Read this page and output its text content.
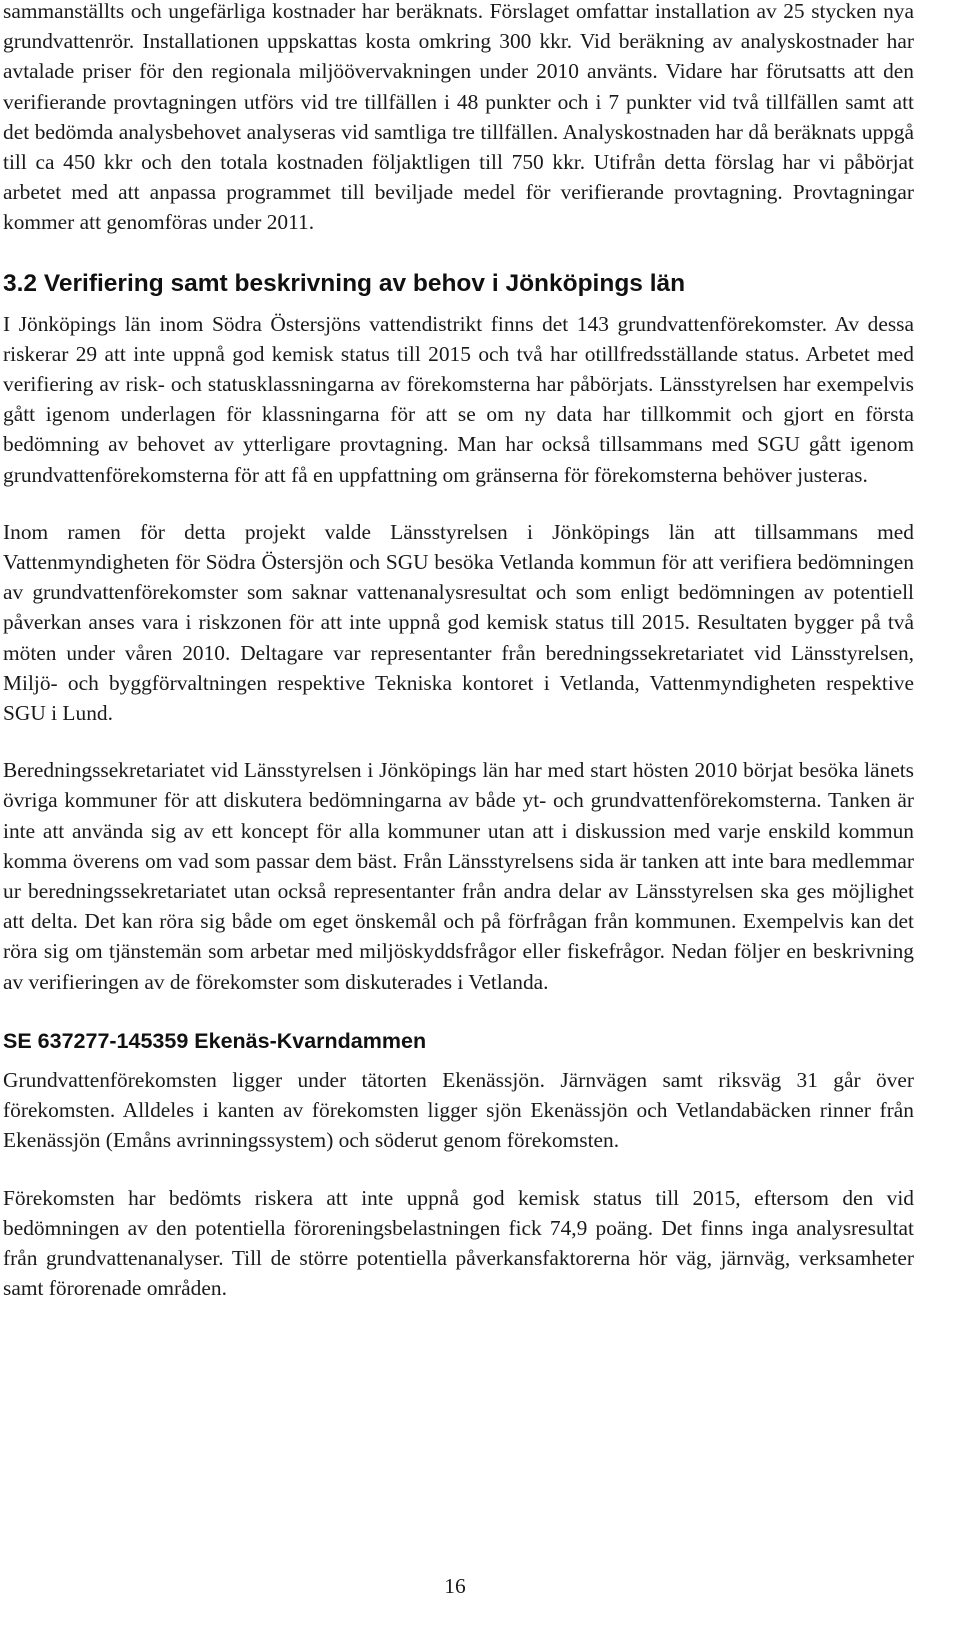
sammanställts och ungefärliga kostnader har beräknats. Förslaget omfattar installation av 25 stycken nya grundvattenrör. Installationen uppskattas kosta omkring 300 kkr. Vid beräkning av analyskostnader har avtalade priser för den regionala miljöövervakningen under 2010 använts. Vidare har förutsatts att den verifierande provtagningen utförs vid tre tillfällen i 48 punkter och i 7 punkter vid två tillfällen samt att det bedömda analysbehovet analyseras vid samtliga tre tillfällen. Analyskostnaden har då beräknats uppgå till ca 450 kkr och den totala kostnaden följaktligen till 750 kkr. Utifrån detta förslag har vi påbörjat arbetet med att anpassa programmet till beviljade medel för verifierande provtagning. Provtagningar kommer att genomföras under 2011.

3.2 Verifiering samt beskrivning av behov i Jönköpings län

I Jönköpings län inom Södra Östersjöns vattendistrikt finns det 143 grundvattenförekomster. Av dessa riskerar 29 att inte uppnå god kemisk status till 2015 och två har otillfredsställande status. Arbetet med verifiering av risk- och statusklassningarna av förekomsterna har påbörjats. Länsstyrelsen har exempelvis gått igenom underlagen för klassningarna för att se om ny data har tillkommit och gjort en första bedömning av behovet av ytterligare provtagning. Man har också tillsammans med SGU gått igenom grundvattenförekomsterna för att få en uppfattning om gränserna för förekomsterna behöver justeras.

Inom ramen för detta projekt valde Länsstyrelsen i Jönköpings län att tillsammans med Vattenmyndigheten för Södra Östersjön och SGU besöka Vetlanda kommun för att verifiera bedömningen av grundvattenförekomster som saknar vattenanalysresultat och som enligt bedömningen av potentiell påverkan anses vara i riskzonen för att inte uppnå god kemisk status till 2015. Resultaten bygger på två möten under våren 2010. Deltagare var representanter från beredningssekretariatet vid Länsstyrelsen, Miljö- och byggförvaltningen respektive Tekniska kontoret i Vetlanda, Vattenmyndigheten respektive SGU i Lund.

Beredningssekretariatet vid Länsstyrelsen i Jönköpings län har med start hösten 2010 börjat besöka länets övriga kommuner för att diskutera bedömningarna av både yt- och grundvattenförekomsterna. Tanken är inte att använda sig av ett koncept för alla kommuner utan att i diskussion med varje enskild kommun komma överens om vad som passar dem bäst. Från Länsstyrelsens sida är tanken att inte bara medlemmar ur beredningssekretariatet utan också representanter från andra delar av Länsstyrelsen ska ges möjlighet att delta. Det kan röra sig både om eget önskemål och på förfrågan från kommunen. Exempelvis kan det röra sig om tjänstemän som arbetar med miljöskyddsfrågor eller fiskefrågor. Nedan följer en beskrivning av verifieringen av de förekomster som diskuterades i Vetlanda.

SE 637277-145359 Ekenäs-Kvarndammen

Grundvattenförekomsten ligger under tätorten Ekenässjön. Järnvägen samt riksväg 31 går över förekomsten. Alldeles i kanten av förekomsten ligger sjön Ekenässjön och Vetlandabäcken rinner från Ekenässjön (Emåns avrinningssystem) och söderut genom förekomsten.

Förekomsten har bedömts riskera att inte uppnå god kemisk status till 2015, eftersom den vid bedömningen av den potentiella föroreningsbelastningen fick 74,9 poäng. Det finns inga analysresultat från grundvattenanalyser. Till de större potentiella påverkansfaktorerna hör väg, järnväg, verksamheter samt förorenade områden.

16
